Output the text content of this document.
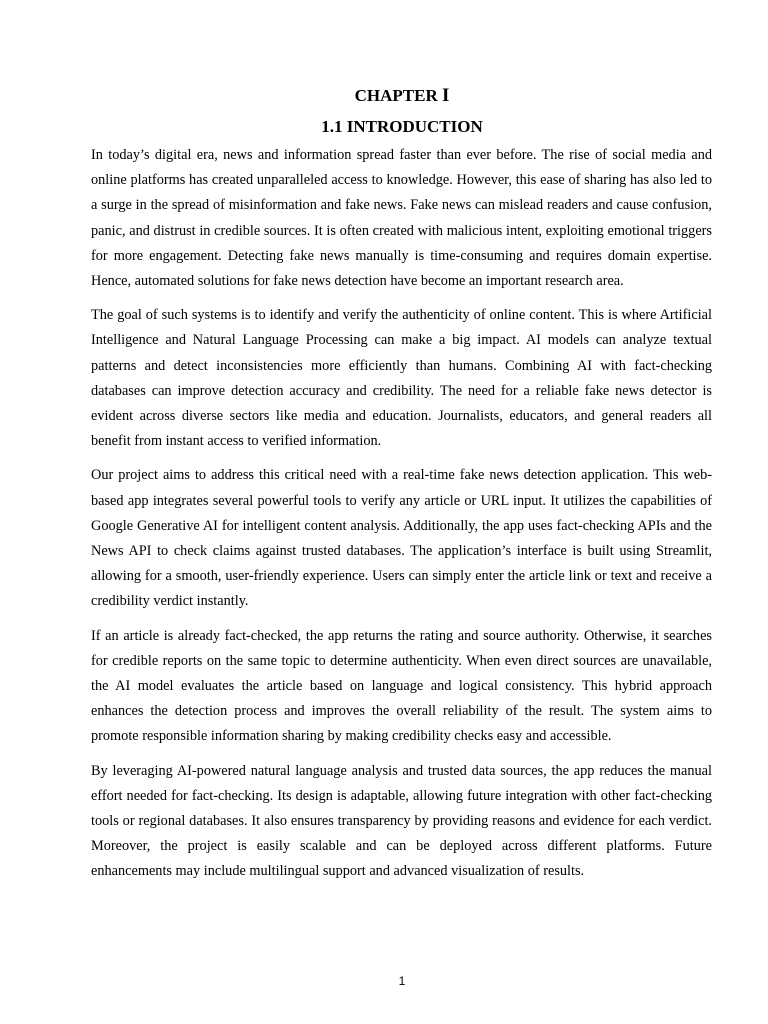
CHAPTER I
1.1 INTRODUCTION

In today’s digital era, news and information spread faster than ever before. The rise of social media and online platforms has created unparalleled access to knowledge. However, this ease of sharing has also led to a surge in the spread of misinformation and fake news. Fake news can mislead readers and cause confusion, panic, and distrust in credible sources. It is often created with malicious intent, exploiting emotional triggers for more engagement. Detecting fake news manually is time-consuming and requires domain expertise. Hence, automated solutions for fake news detection have become an important research area.

The goal of such systems is to identify and verify the authenticity of online content. This is where Artificial Intelligence and Natural Language Processing can make a big impact. AI models can analyze textual patterns and detect inconsistencies more efficiently than humans. Combining AI with fact-checking databases can improve detection accuracy and credibility. The need for a reliable fake news detector is evident across diverse sectors like media and education. Journalists, educators, and general readers all benefit from instant access to verified information.

Our project aims to address this critical need with a real-time fake news detection application. This web-based app integrates several powerful tools to verify any article or URL input. It utilizes the capabilities of Google Generative AI for intelligent content analysis. Additionally, the app uses fact-checking APIs and the News API to check claims against trusted databases. The application’s interface is built using Streamlit, allowing for a smooth, user-friendly experience. Users can simply enter the article link or text and receive a credibility verdict instantly.

If an article is already fact-checked, the app returns the rating and source authority. Otherwise, it searches for credible reports on the same topic to determine authenticity. When even direct sources are unavailable, the AI model evaluates the article based on language and logical consistency. This hybrid approach enhances the detection process and improves the overall reliability of the result. The system aims to promote responsible information sharing by making credibility checks easy and accessible.

By leveraging AI-powered natural language analysis and trusted data sources, the app reduces the manual effort needed for fact-checking. Its design is adaptable, allowing future integration with other fact-checking tools or regional databases. It also ensures transparency by providing reasons and evidence for each verdict. Moreover, the project is easily scalable and can be deployed across different platforms. Future enhancements may include multilingual support and advanced visualization of results.

1
